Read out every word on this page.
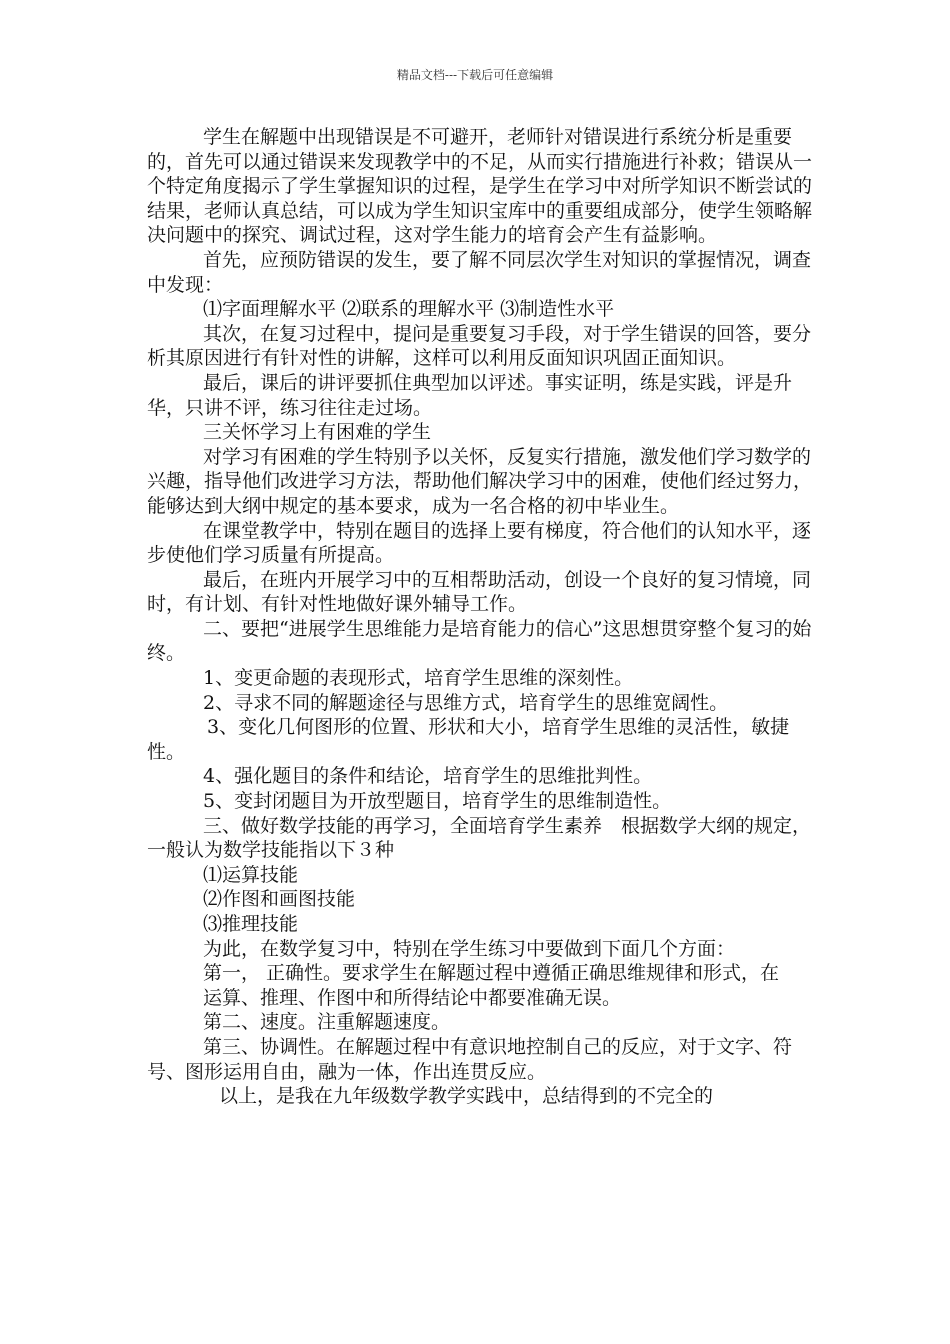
精品文档---下载后可任意编辑

学生在解题中出现错误是不可避开，老师针对错误进行系统分析是重要的，首先可以通过错误来发现教学中的不足，从而实行措施进行补救；错误从一个特定角度揭示了学生掌握知识的过程，是学生在学习中对所学知识不断尝试的结果，老师认真总结，可以成为学生知识宝库中的重要组成部分，使学生领略解决问题中的探究、调试过程，这对学生能力的培育会产生有益影响。

首先，应预防错误的发生，要了解不同层次学生对知识的掌握情况，调查中发现：

⑴字面理解水平 ⑵联系的理解水平 ⑶制造性水平

其次，在复习过程中，提问是重要复习手段，对于学生错误的回答，要分析其原因进行有针对性的讲解，这样可以利用反面知识巩固正面知识。

最后，课后的讲评要抓住典型加以评述。事实证明，练是实践，评是升华，只讲不评，练习往往走过场。

三关怀学习上有困难的学生

对学习有困难的学生特别予以关怀，反复实行措施，激发他们学习数学的兴趣，指导他们改进学习方法，帮助他们解决学习中的困难，使他们经过努力，能够达到大纲中规定的基本要求，成为一名合格的初中毕业生。

在课堂教学中，特别在题目的选择上要有梯度，符合他们的认知水平，逐步使他们学习质量有所提高。

最后，在班内开展学习中的互相帮助活动，创设一个良好的复习情境，同时，有计划、有针对性地做好课外辅导工作。

二、要把“进展学生思维能力是培育能力的信心”这思想贯穿整个复习的始终。

1、变更命题的表现形式，培育学生思维的深刻性。

2、寻求不同的解题途径与思维方式，培育学生的思维宽阔性。

3、变化几何图形的位置、形状和大小，培育学生思维的灵活性，敏捷性。

4、强化题目的条件和结论，培育学生的思维批判性。

5、变封闭题目为开放型题目，培育学生的思维制造性。

三、做好数学技能的再学习，全面培育学生素养　根据数学大纲的规定，一般认为数学技能指以下３种

⑴运算技能

⑵作图和画图技能

⑶推理技能

为此，在数学复习中，特别在学生练习中要做到下面几个方面：

第一， 正确性。要求学生在解题过程中遵循正确思维规律和形式，在

运算、推理、作图中和所得结论中都要准确无误。

第二、速度。注重解题速度。

第三、协调性。在解题过程中有意识地控制自己的反应，对于文字、符号、图形运用自由，融为一体，作出连贯反应。

以上，是我在九年级数学教学实践中，总结得到的不完全的
